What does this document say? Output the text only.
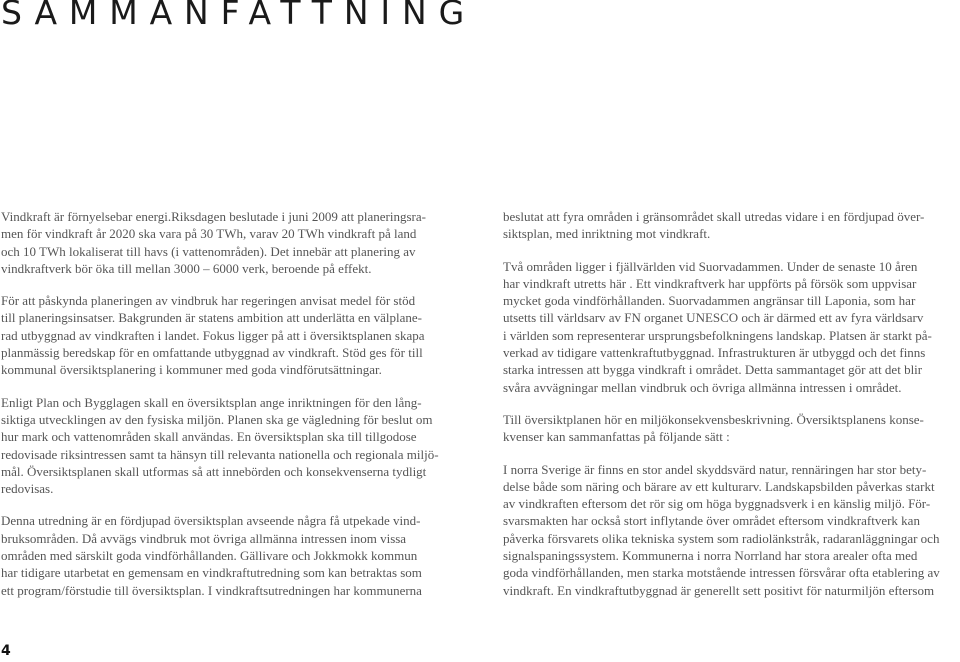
SAMMANFATTNING

Vindkraft är förnyelsebar energi.Riksdagen beslutade i juni 2009 att planeringsra-
men för vindkraft år 2020 ska vara på 30 TWh, varav 20 TWh vindkraft på land
och 10 TWh lokaliserat till havs (i vattenområden). Det innebär att planering av
vindkraftverk bör öka till mellan 3000 – 6000 verk, beroende på effekt.

För att påskynda planeringen av vindbruk har regeringen anvisat medel för stöd
till planeringsinsatser. Bakgrunden är statens ambition att underlätta en välplane-
rad utbyggnad av vindkraften i landet. Fokus ligger på att i översiktsplanen skapa
planmässig beredskap för en omfattande utbyggnad av vindkraft. Stöd ges för till
kommunal översiktsplanering i kommuner med goda vindförutsättningar.

Enligt Plan och Bygglagen skall en översiktsplan ange inriktningen för den lång-
siktiga utvecklingen av den fysiska miljön. Planen ska ge vägledning för beslut om
hur mark och vattenområden skall användas. En översiktsplan ska till tillgodose
redovisade riksintressen samt ta hänsyn till relevanta nationella och regionala miljö-
mål. Översiktsplanen skall utformas så att innebörden och konsekvenserna tydligt
redovisas.

Denna utredning är en fördjupad översiktsplan avseende några få utpekade vind-
bruksområden. Då avvägs vindbruk mot övriga allmänna intressen inom vissa
områden med särskilt goda vindförhållanden. Gällivare och Jokkmokk kommun
har tidigare utarbetat en gemensam en vindkraftutredning som kan betraktas som
ett program/förstudie till översiktsplan. I vindkraftsutredningen har kommunerna

beslutat att fyra områden i gränsområdet skall utredas vidare i en fördjupad över-
siktsplan, med inriktning mot vindkraft.

Två områden ligger i fjällvärlden vid Suorvadammen. Under de senaste 10 åren
har vindkraft utretts här . Ett vindkraftverk har uppförts på försök som uppvisar
mycket goda vindförhållanden. Suorvadammen angränsar till Laponia, som har
utsetts till världsarv av FN organet UNESCO och är därmed ett av fyra världsarv
i världen som representerar ursprungsbefolkningens landskap. Platsen är starkt på-
verkad av tidigare vattenkraftutbyggnad. Infrastrukturen är utbyggd och det finns
starka intressen att bygga vindkraft i området. Detta sammantaget gör att det blir
svåra avvägningar mellan vindbruk och övriga allmänna intressen i området.

Till översiktplanen hör en miljökonsekvensbeskrivning. Översiktsplanens konse-
kvenser kan sammanfattas på följande sätt :

I norra Sverige är finns en stor andel skyddsvärd natur, rennäringen har stor bety-
delse både som näring och bärare av ett kulturarv. Landskapsbilden påverkas starkt
av vindkraften eftersom det rör sig om höga byggnadsverk i en känslig miljö. För-
svarsmakten har också stort inflytande över området eftersom vindkraftverk kan
påverka försvarets olika tekniska system som radiolänkstråk, radaranläggningar och
signalspaningssystem. Kommunerna i norra Norrland har stora arealer ofta med
goda vindförhållanden, men starka motstående intressen försvårar ofta etablering av
vindkraft. En vindkraftutbyggnad är generellt sett positivt för naturmiljön eftersom

4
